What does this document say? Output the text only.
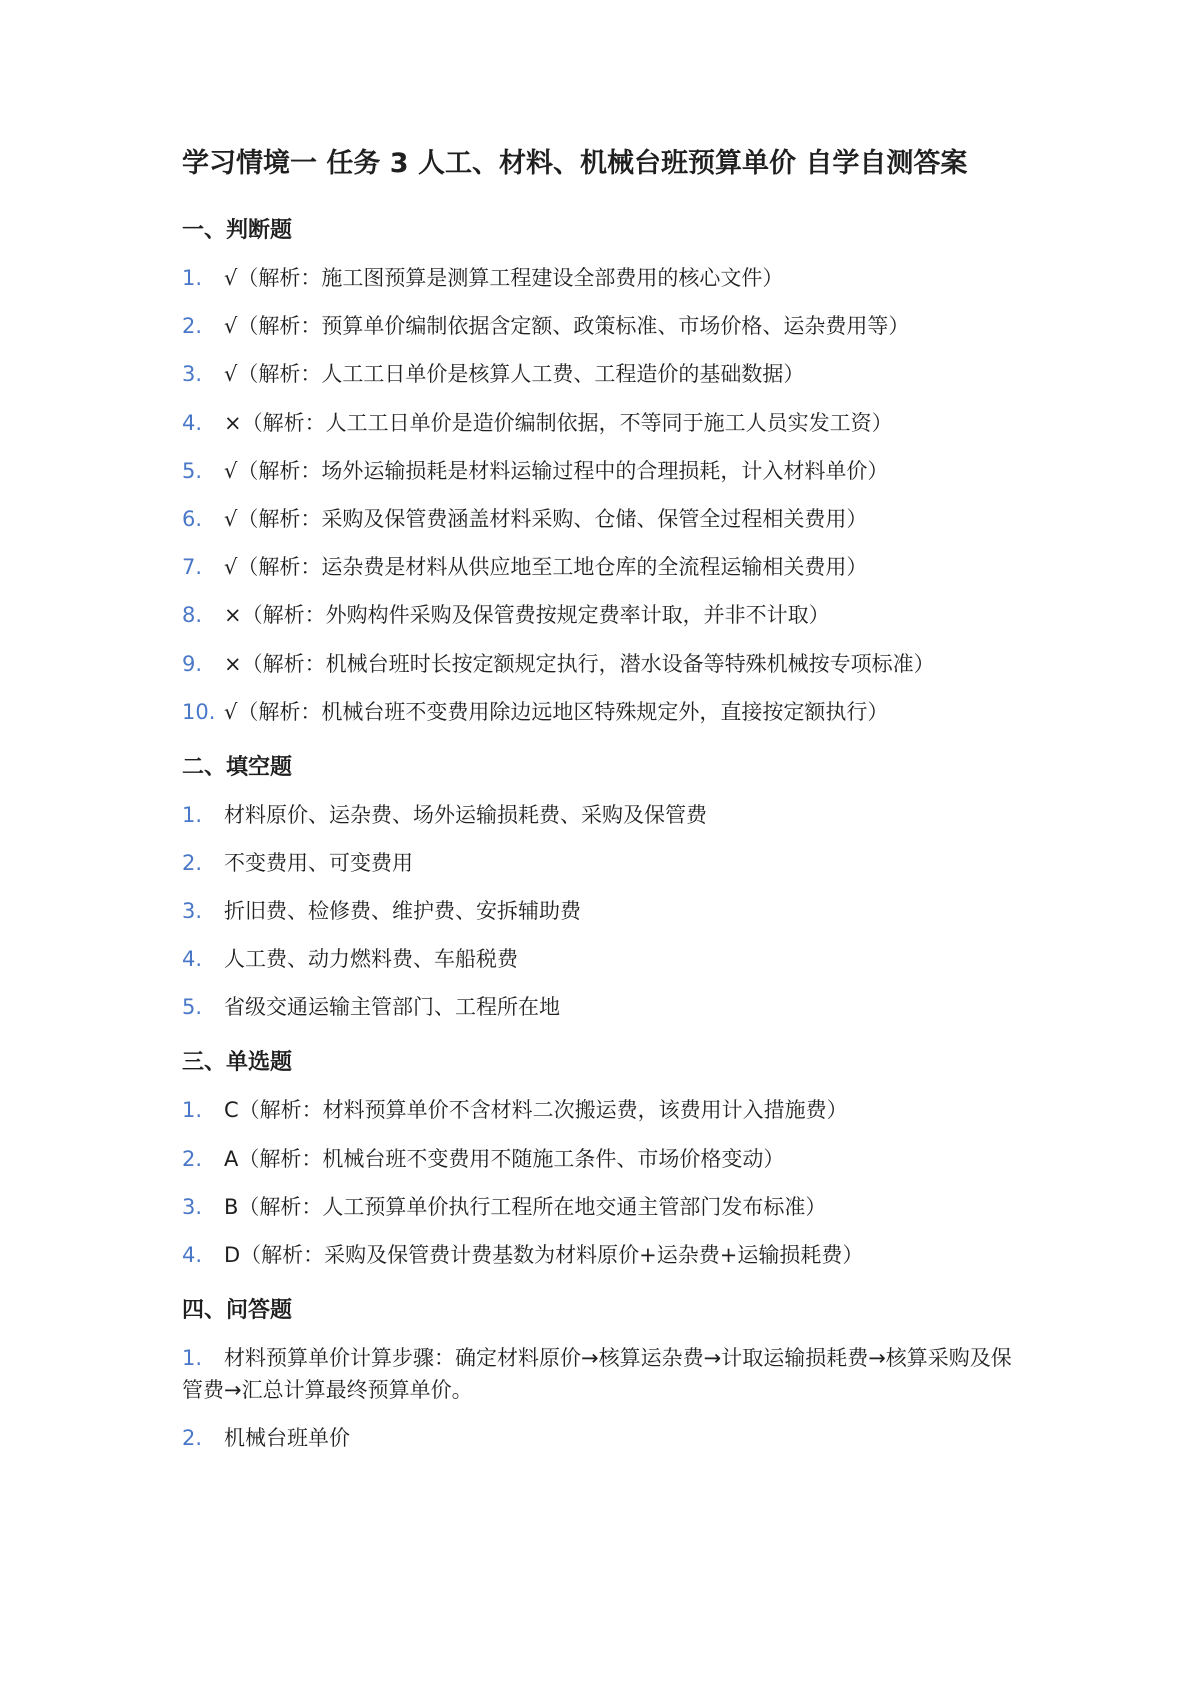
学习情境一 任务 3 人工、材料、机械台班预算单价 自学自测答案
一、判断题
1. √（解析：施工图预算是测算工程建设全部费用的核心文件）
2. √（解析：预算单价编制依据含定额、政策标准、市场价格、运杂费用等）
3. √（解析：人工工日单价是核算人工费、工程造价的基础数据）
4. ×（解析：人工工日单价是造价编制依据，不等同于施工人员实发工资）
5. √（解析：场外运输损耗是材料运输过程中的合理损耗，计入材料单价）
6. √（解析：采购及保管费涵盖材料采购、仓储、保管全过程相关费用）
7. √（解析：运杂费是材料从供应地至工地仓库的全流程运输相关费用）
8. ×（解析：外购构件采购及保管费按规定费率计取，并非不计取）
9. ×（解析：机械台班时长按定额规定执行，潜水设备等特殊机械按专项标准）
10. √（解析：机械台班不变费用除边远地区特殊规定外，直接按定额执行）
二、填空题
1. 材料原价、运杂费、场外运输损耗费、采购及保管费
2. 不变费用、可变费用
3. 折旧费、检修费、维护费、安拆辅助费
4. 人工费、动力燃料费、车船税费
5. 省级交通运输主管部门、工程所在地
三、单选题
1. C（解析：材料预算单价不含材料二次搬运费，该费用计入措施费）
2. A（解析：机械台班不变费用不随施工条件、市场价格变动）
3. B（解析：人工预算单价执行工程所在地交通主管部门发布标准）
4. D（解析：采购及保管费计费基数为材料原价+运杂费+运输损耗费）
四、问答题
1. 材料预算单价计算步骤：确定材料原价→核算运杂费→计取运输损耗费→核算采购及保管费→汇总计算最终预算单价。
2. 机械台班单价
